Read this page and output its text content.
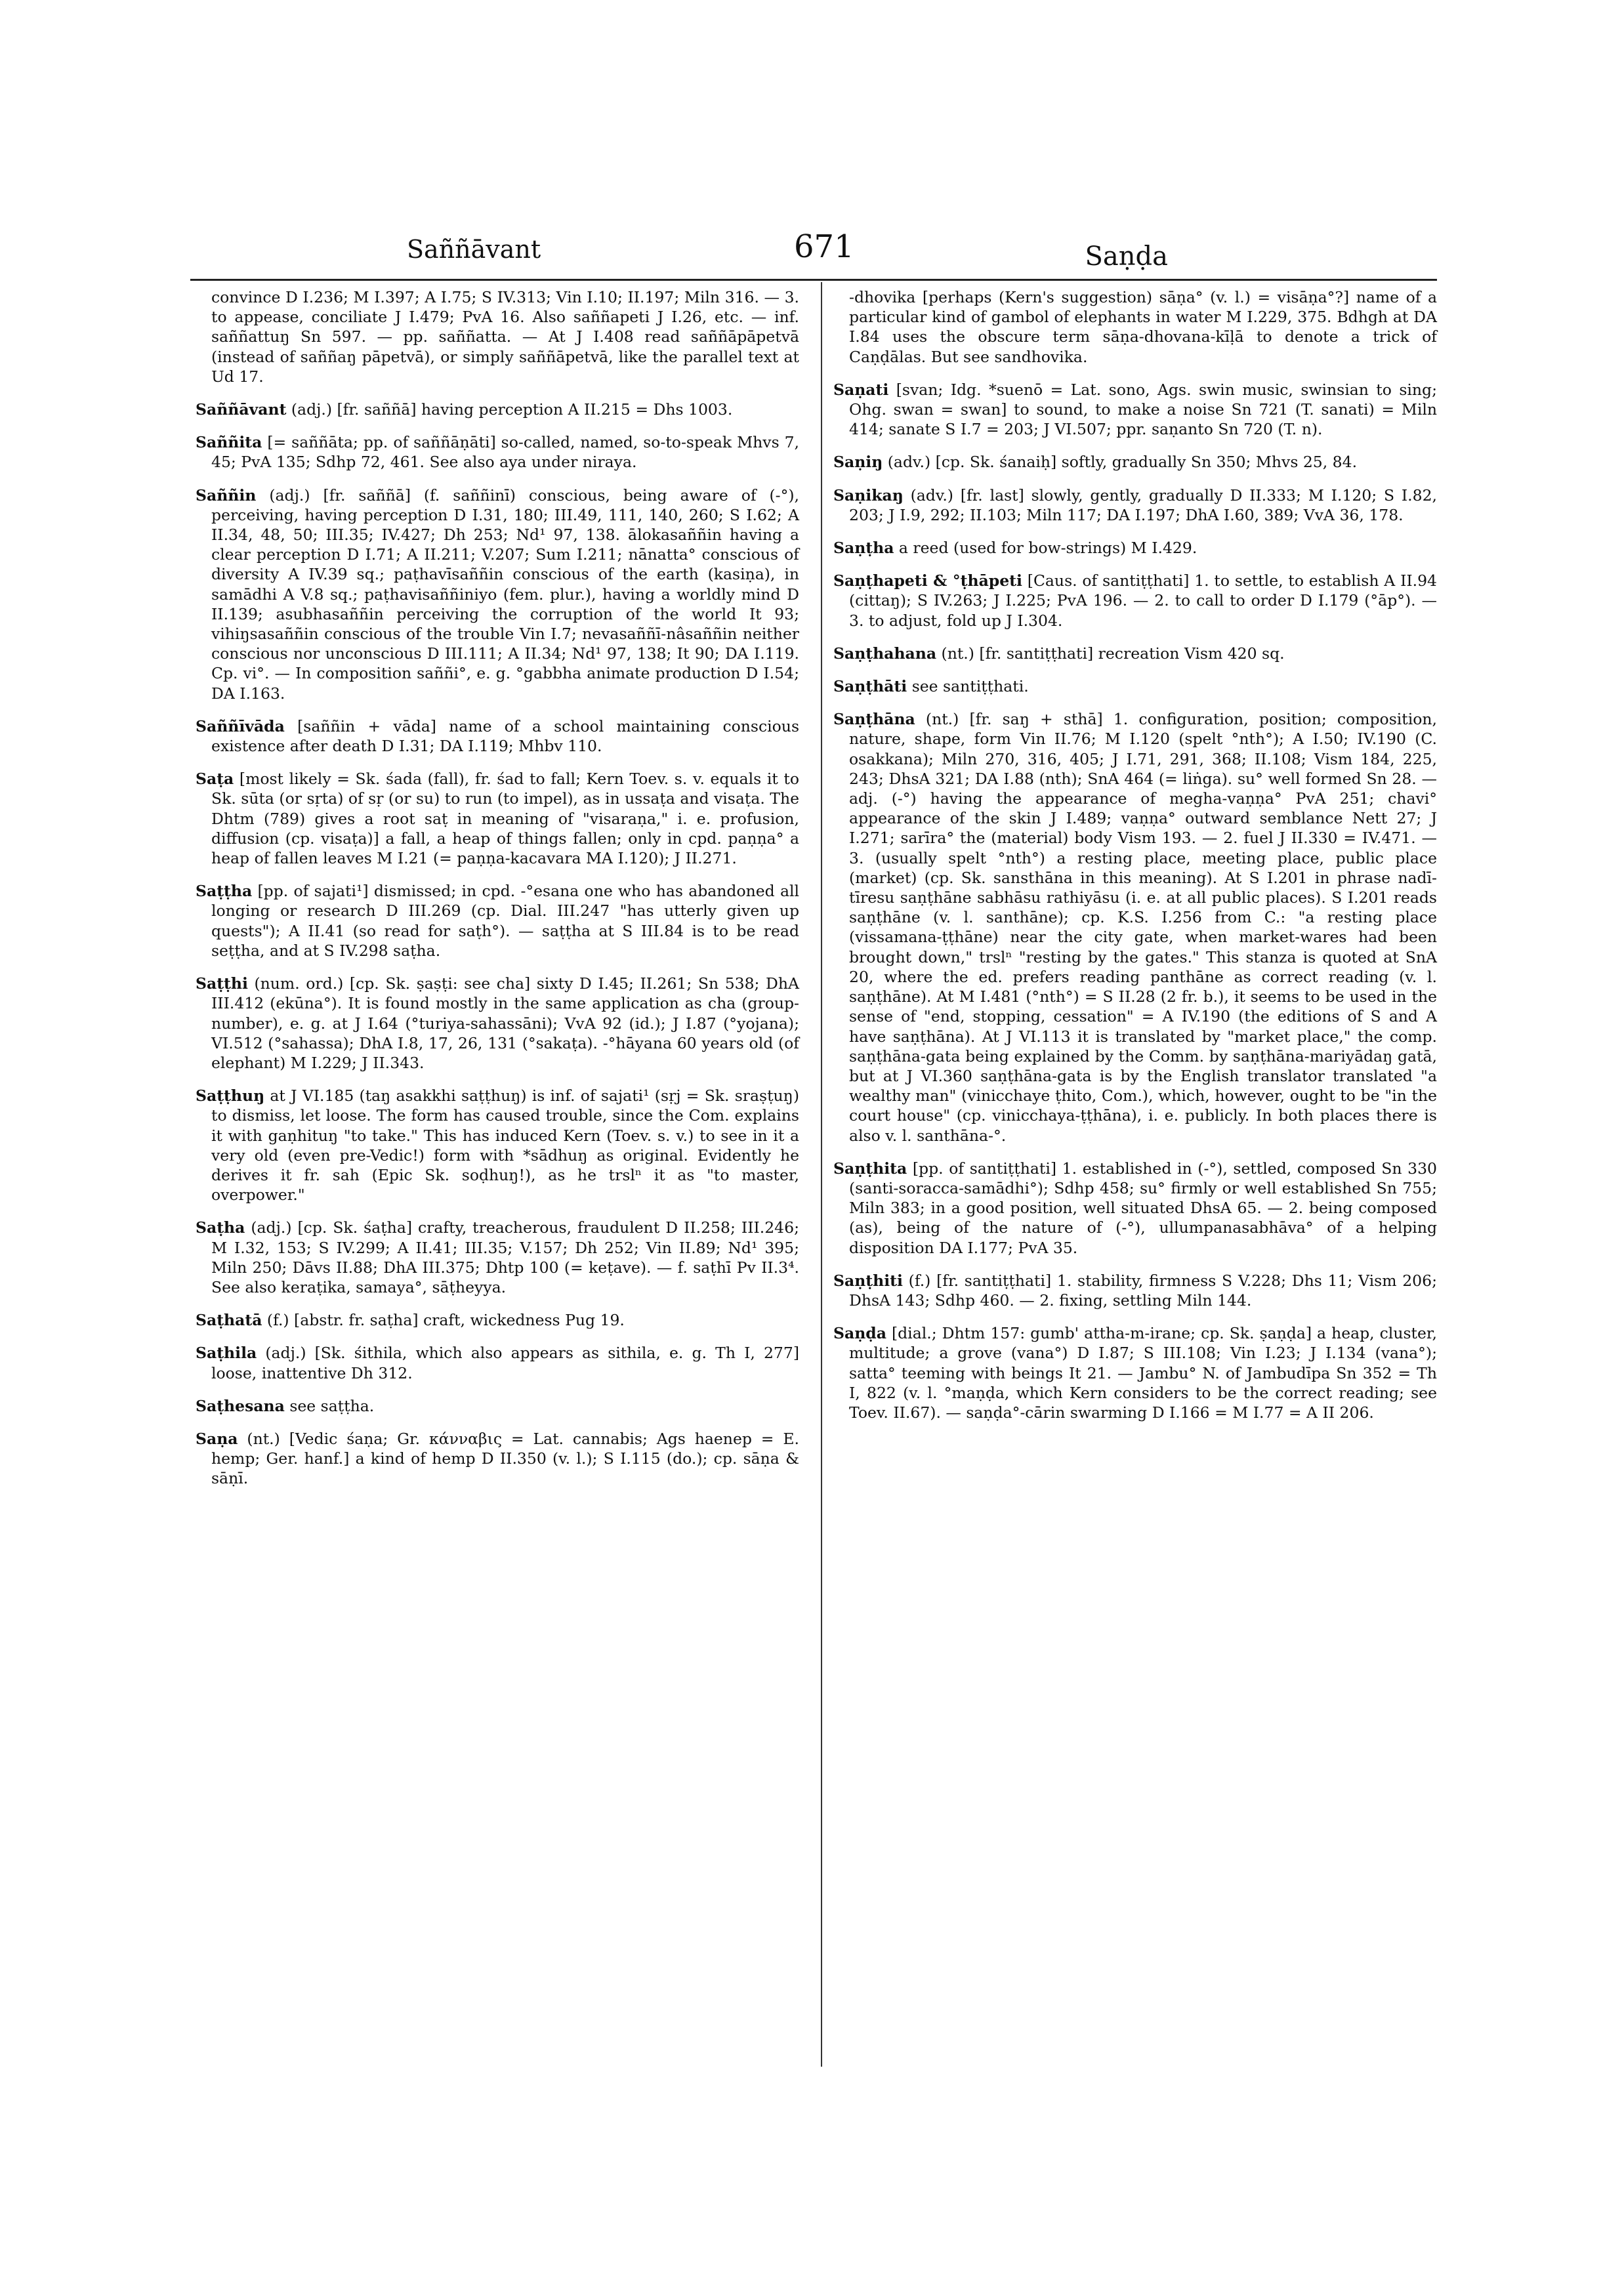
Saññāvant	671	Saṇḍa

convince D I.236; M I.397; A I.75; S IV.313; Vin I.10; II.197; Miln 316. — 3. to appease, conciliate J I.479; PvA 16. Also saññapeti J I.26, etc. — inf. saññattuŋ Sn 597. — pp. saññatta. — At J I.408 read saññāpāpetvā (instead of saññaŋ pāpetvā), or simply saññāpetvā, like the parallel text at Ud 17.

Saññāvant (adj.) [fr. saññā] having perception A II.215 = Dhs 1003.

Saññita [= saññāta; pp. of saññāṇāti] so-called, named, so-to-speak Mhvs 7, 45; PvA 135; Sdhp 72, 461. See also aya under niraya.

Saññin (adj.) [fr. saññā] (f. saññinī) conscious, being aware of (-°), perceiving, having perception D I.31, 180; III.49, 111, 140, 260; S I.62; A II.34, 48, 50; III.35; IV.427; Dh 253; Nd¹ 97, 138. ālokasaññin having a clear perception D I.71; A II.211; V.207; Sum I.211; nānatta° conscious of diversity A IV.39 sq.; paṭhavīsaññin conscious of the earth (kasiṇa), in samādhi A V.8 sq.; paṭhavisaññiniyo (fem. plur.), having a worldly mind D II.139; asubhasaññin perceiving the corruption of the world It 93; vihiŋsasaññin conscious of the trouble Vin I.7; nevasaññī-nâsaññin neither conscious nor unconscious D III.111; A II.34; Nd¹ 97, 138; It 90; DA I.119. Cp. vi°. — In composition saññi°, e. g. °gabbha animate production D I.54; DA I.163.

Saññīvāda [saññin + vāda] name of a school maintaining conscious existence after death D I.31; DA I.119; Mhbv 110.

Saṭa [most likely = Sk. śada (fall), fr. śad to fall; Kern Toev. s. v. equals it to Sk. sūta (or sṛta) of sṛ (or su) to run (to impel), as in ussaṭa and visaṭa. The Dhtm (789) gives a root saṭ in meaning of "visaraṇa," i. e. profusion, diffusion (cp. visaṭa)] a fall, a heap of things fallen; only in cpd. paṇṇa° a heap of fallen leaves M I.21 (= paṇṇa-kacavara MA I.120); J II.271.

Saṭṭha [pp. of sajati¹] dismissed; in cpd. -°esana one who has abandoned all longing or research D III.269 (cp. Dial. III.247 "has utterly given up quests"); A II.41 (so read for saṭh°). — saṭṭha at S III.84 is to be read seṭṭha, and at S IV.298 saṭha.

Saṭṭhi (num. ord.) [cp. Sk. ṣaṣṭi: see cha] sixty D I.45; II.261; Sn 538; DhA III.412 (ekūna°). It is found mostly in the same application as cha (group-number), e. g. at J I.64 (°turiya-sahassāni); VvA 92 (id.); J I.87 (°yojana); VI.512 (°sahassa); DhA I.8, 17, 26, 131 (°sakaṭa). -°hāyana 60 years old (of elephant) M I.229; J II.343.

Saṭṭhuŋ at J VI.185 (taŋ asakkhi saṭṭhuŋ) is inf. of sajati¹ (sṛj = Sk. sraṣṭuŋ) to dismiss, let loose. The form has caused trouble, since the Com. explains it with gaṇhituŋ "to take." This has induced Kern (Toev. s. v.) to see in it a very old (even pre-Vedic!) form with *sādhuŋ as original. Evidently he derives it fr. sah (Epic Sk. soḍhuŋ!), as he trslⁿ it as "to master, overpower."

Saṭha (adj.) [cp. Sk. śaṭha] crafty, treacherous, fraudulent D II.258; III.246; M I.32, 153; S IV.299; A II.41; III.35; V.157; Dh 252; Vin II.89; Nd¹ 395; Miln 250; Dāvs II.88; DhA III.375; Dhtp 100 (= keṭave). — f. saṭhī Pv II.3⁴. See also keraṭika, samaya°, sāṭheyya.

Saṭhatā (f.) [abstr. fr. saṭha] craft, wickedness Pug 19.

Saṭhila (adj.) [Sk. śithila, which also appears as sithila, e. g. Th I, 277] loose, inattentive Dh 312.

Saṭhesana see saṭṭha.

Saṇa (nt.) [Vedic śaṇa; Gr. κάνναβις = Lat. cannabis; Ags haenep = E. hemp; Ger. hanf.] a kind of hemp D II.350 (v. l.); S I.115 (do.); cp. sāṇa & sāṇī.

-dhovika [perhaps (Kern's suggestion) sāṇa° (v. l.) = visāṇa°?] name of a particular kind of gambol of elephants in water M I.229, 375. Bdhgh at DA I.84 uses the obscure term sāṇa-dhovana-kīḷā to denote a trick of Caṇḍālas. But see sandhovika.

Saṇati [svan; Idg. *suenō = Lat. sono, Ags. swin music, swinsian to sing; Ohg. swan = swan] to sound, to make a noise Sn 721 (T. sanati) = Miln 414; sanate S I.7 = 203; J VI.507; ppr. saṇanto Sn 720 (T. n).

Saṇiŋ (adv.) [cp. Sk. śanaiḥ] softly, gradually Sn 350; Mhvs 25, 84.

Saṇikaŋ (adv.) [fr. last] slowly, gently, gradually D II.333; M I.120; S I.82, 203; J I.9, 292; II.103; Miln 117; DA I.197; DhA I.60, 389; VvA 36, 178.

Saṇṭha a reed (used for bow-strings) M I.429.

Saṇṭhapeti & °ṭhāpeti [Caus. of santiṭṭhati] 1. to settle, to establish A II.94 (cittaŋ); S IV.263; J I.225; PvA 196. — 2. to call to order D I.179 (°āp°). — 3. to adjust, fold up J I.304.

Saṇṭhahana (nt.) [fr. santiṭṭhati] recreation Vism 420 sq.

Saṇṭhāti see santiṭṭhati.

Saṇṭhāna (nt.) [fr. saŋ + sthā] 1. configuration, position; composition, nature, shape, form Vin II.76; M I.120 (spelt °nth°); A I.50; IV.190 (C. osakkana); Miln 270, 316, 405; J I.71, 291, 368; II.108; Vism 184, 225, 243; DhsA 321; DA I.88 (nth); SnA 464 (= liṅga). su° well formed Sn 28. — adj. (-°) having the appearance of megha-vaṇṇa° PvA 251; chavi° appearance of the skin J I.489; vaṇṇa° outward semblance Nett 27; J I.271; sarīra° the (material) body Vism 193. — 2. fuel J II.330 = IV.471. — 3. (usually spelt °nth°) a resting place, meeting place, public place (market) (cp. Sk. sansthāna in this meaning). At S I.201 in phrase nadī-tīresu saṇṭhāne sabhāsu rathiyāsu (i. e. at all public places). S I.201 reads saṇṭhāne (v. l. santhāne); cp. K.S. I.256 from C.: "a resting place (vissamana-ṭṭhāne) near the city gate, when market-wares had been brought down," trslⁿ "resting by the gates." This stanza is quoted at SnA 20, where the ed. prefers reading panthāne as correct reading (v. l. saṇṭhāne). At M I.481 (°nth°) = S II.28 (2 fr. b.), it seems to be used in the sense of "end, stopping, cessation" = A IV.190 (the editions of S and A have saṇṭhāna). At J VI.113 it is translated by "market place," the comp. saṇṭhāna-gata being explained by the Comm. by saṇṭhāna-mariyādaŋ gatā, but at J VI.360 saṇṭhāna-gata is by the English translator translated "a wealthy man" (vinicchaye ṭhito, Com.), which, however, ought to be "in the court house" (cp. vinicchaya-ṭṭhāna), i. e. publicly. In both places there is also v. l. santhāna-°.

Saṇṭhita [pp. of santiṭṭhati] 1. established in (-°), settled, composed Sn 330 (santi-soracca-samādhi°); Sdhp 458; su° firmly or well established Sn 755; Miln 383; in a good position, well situated DhsA 65. — 2. being composed (as), being of the nature of (-°), ullumpanasabhāva° of a helping disposition DA I.177; PvA 35.

Saṇṭhiti (f.) [fr. santiṭṭhati] 1. stability, firmness S V.228; Dhs 11; Vism 206; DhsA 143; Sdhp 460. — 2. fixing, settling Miln 144.

Saṇḍa [dial.; Dhtm 157: gumb' attha-m-irane; cp. Sk. ṣaṇḍa] a heap, cluster, multitude; a grove (vana°) D I.87; S III.108; Vin I.23; J I.134 (vana°); satta° teeming with beings It 21. — Jambu° N. of Jambudīpa Sn 352 = Th I, 822 (v. l. °maṇḍa, which Kern considers to be the correct reading; see Toev. II.67). — saṇḍa°-cārin swarming D I.166 = M I.77 = A II 206.
